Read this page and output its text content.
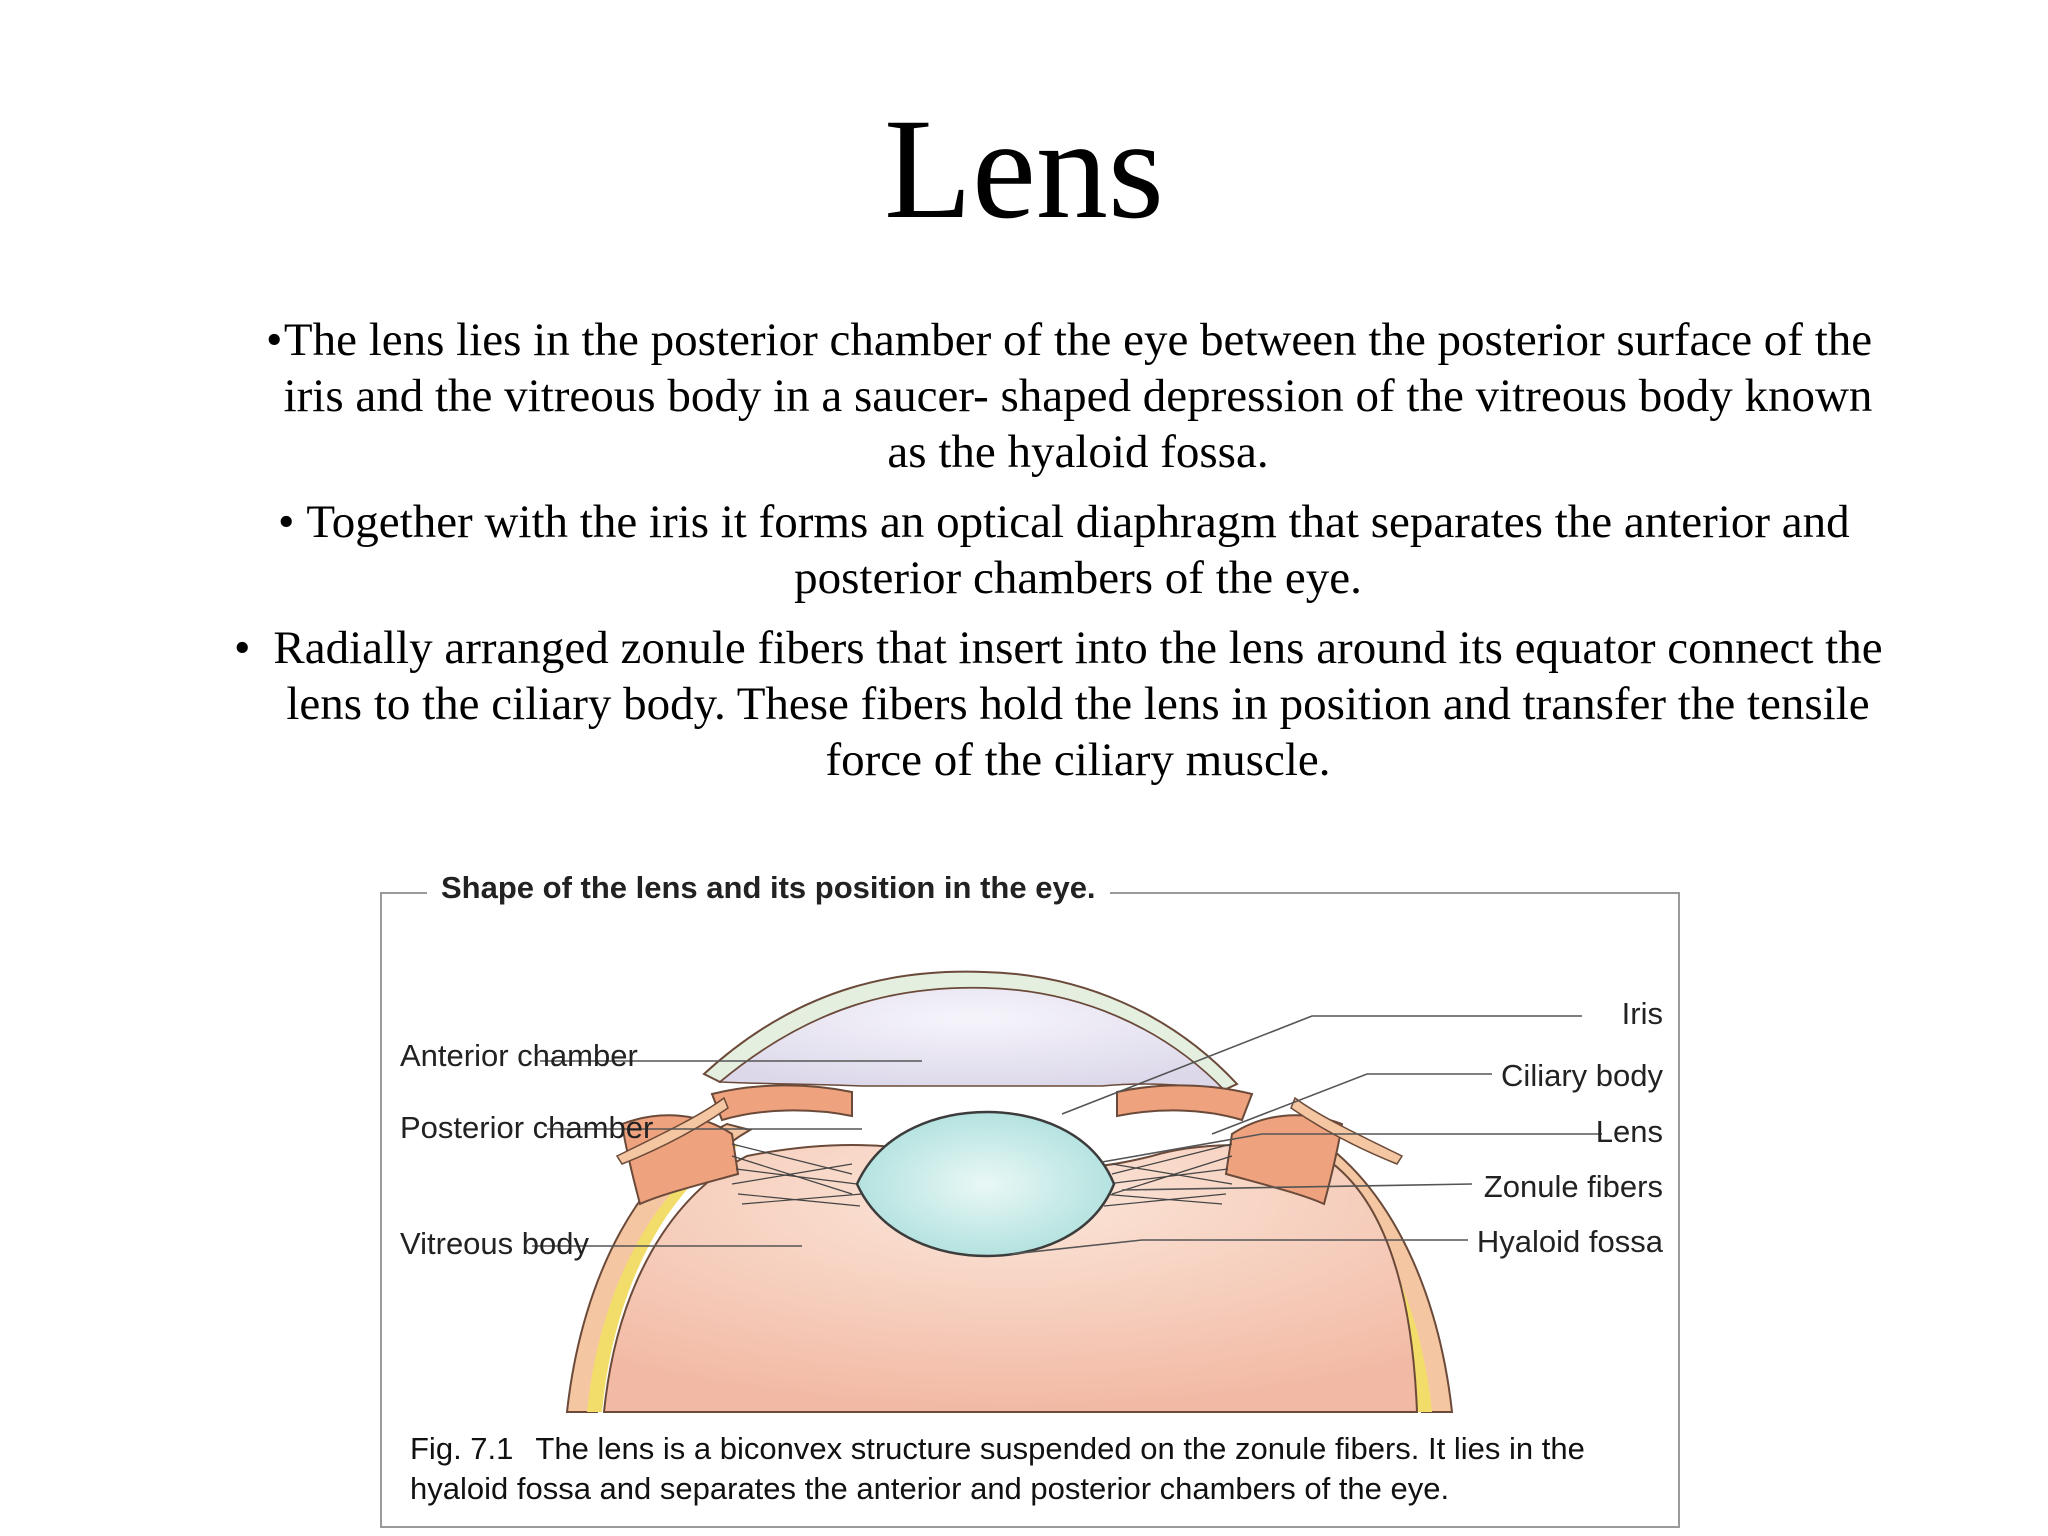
Lens
• The lens lies in the posterior chamber of the eye between the posterior surface of the iris and the vitreous body in a saucer- shaped depression of the vitreous body known as the hyaloid fossa.
• Together with the iris it forms an optical diaphragm that separates the anterior and posterior chambers of the eye.
• Radially arranged zonule fibers that insert into the lens around its equator connect the lens to the ciliary body. These fibers hold the lens in position and transfer the tensile force of the ciliary muscle.
Anterior chamber
Posterior chamber
Vitreous body
Iris
Ciliary body
Lens
Zonule fibers
Hyaloid fossa
Shape of the lens and its position in the eye.
Fig. 7.1 The lens is a biconvex structure suspended on the zonule fibers. It lies in the hyaloid fossa and separates the anterior and posterior chambers of the eye.
